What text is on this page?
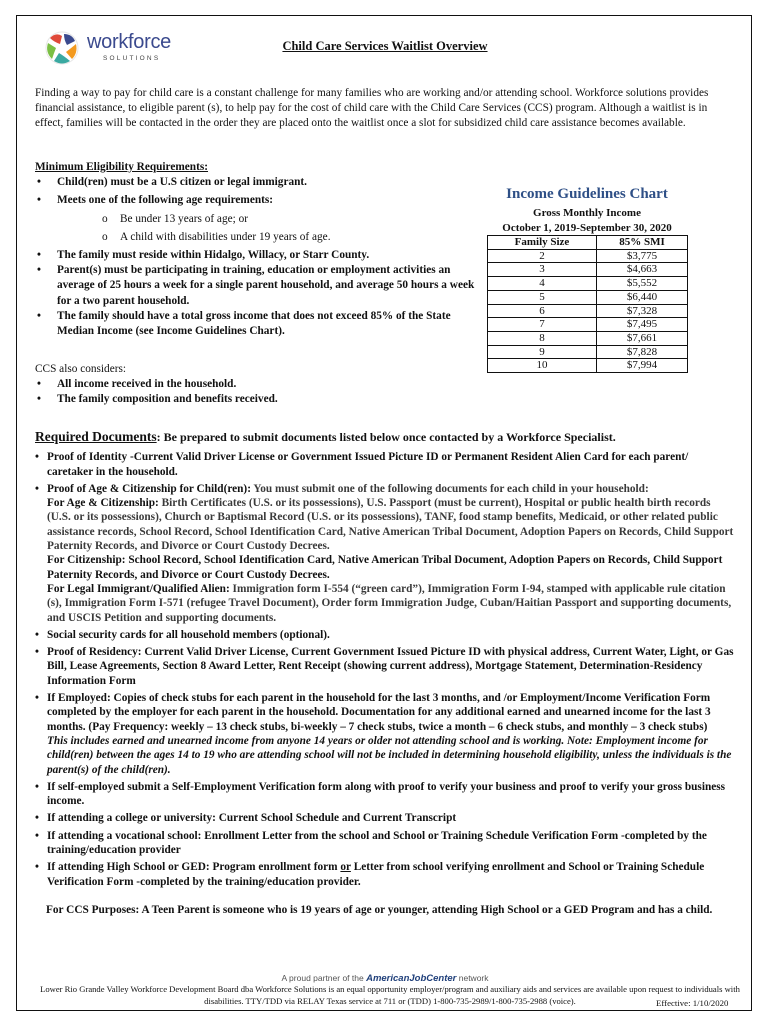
workforce
SOLUTIONS
Child Care Services Waitlist Overview
Finding a way to pay for child care is a constant challenge for many families who are working and/or attending school. Workforce solutions provides financial assistance, to eligible parent (s), to help pay for the cost of child care with the Child Care Services (CCS) program. Although a waitlist is in effect, families will be contacted in the order they are placed onto the waitlist once a slot for subsidized child care assistance becomes available.
Minimum Eligibility Requirements:
• Child(ren) must be a U.S citizen or legal immigrant.
• Meets one of the following age requirements:
o Be under 13 years of age; or
o A child with disabilities under 19 years of age.
• The family must reside within Hidalgo, Willacy, or Starr County.
• Parent(s) must be participating in training, education or employment activities an average of 25 hours a week for a single parent household, and average 50 hours a week for a two parent household.
• The family should have a total gross income that does not exceed 85% of the State Median Income (see Income Guidelines Chart).
CCS also considers:
• All income received in the household.
• The family composition and benefits received.
Income Guidelines Chart
Gross Monthly Income
October 1, 2019-September 30, 2020
Family Size	85% SMI
2	$3,775
3	$4,663
4	$5,552
5	$6,440
6	$7,328
7	$7,495
8	$7,661
9	$7,828
10	$7,994
Required Documents: Be prepared to submit documents listed below once contacted by a Workforce Specialist.
• Proof of Identity -Current Valid Driver License or Government Issued Picture ID or Permanent Resident Alien Card for each parent/ caretaker in the household.
• Proof of Age & Citizenship for Child(ren): You must submit one of the following documents for each child in your household:
For Age & Citizenship: Birth Certificates (U.S. or its possessions), U.S. Passport (must be current), Hospital or public health birth records (U.S. or its possessions), Church or Baptismal Record (U.S. or its possessions), TANF, food stamp benefits, Medicaid, or other related public assistance records, School Record, School Identification Card, Native American Tribal Document, Adoption Papers on Records, Child Support Paternity Records, and Divorce or Court Custody Decrees.
For Citizenship: School Record, School Identification Card, Native American Tribal Document, Adoption Papers on Records, Child Support Paternity Records, and Divorce or Court Custody Decrees.
For Legal Immigrant/Qualified Alien: Immigration form I-554 (“green card”), Immigration Form I-94, stamped with applicable rule citation (s), Immigration Form I-571 (refugee Travel Document), Order form Immigration Judge, Cuban/Haitian Passport and supporting documents, and USCIS Petition and supporting documents.
• Social security cards for all household members (optional).
• Proof of Residency: Current Valid Driver License, Current Government Issued Picture ID with physical address, Current Water, Light, or Gas Bill, Lease Agreements, Section 8 Award Letter, Rent Receipt (showing current address), Mortgage Statement, Determination-Residency Information Form
• If Employed: Copies of check stubs for each parent in the household for the last 3 months, and /or Employment/Income Verification Form completed by the employer for each parent in the household. Documentation for any additional earned and unearned income for the last 3 months. (Pay Frequency: weekly – 13 check stubs, bi-weekly – 7 check stubs, twice a month – 6 check stubs, and monthly – 3 check stubs)
This includes earned and unearned income from anyone 14 years or older not attending school and is working. Note: Employment income for child(ren) between the ages 14 to 19 who are attending school will not be included in determining household eligibility, unless the individuals is the parent(s) of the child(ren).
• If self-employed submit a Self-Employment Verification form along with proof to verify your business and proof to verify your gross business income.
• If attending a college or university: Current School Schedule and Current Transcript
• If attending a vocational school: Enrollment Letter from the school and School or Training Schedule Verification Form -completed by the training/education provider
• If attending High School or GED: Program enrollment form or Letter from school verifying enrollment and School or Training Schedule Verification Form -completed by the training/education provider.
For CCS Purposes: A Teen Parent is someone who is 19 years of age or younger, attending High School or a GED Program and has a child.
A proud partner of the AmericanJobCenter network
Lower Rio Grande Valley Workforce Development Board dba Workforce Solutions is an equal opportunity employer/program and auxiliary aids and services are available upon request to individuals with disabilities. TTY/TDD via RELAY Texas service at 711 or (TDD) 1-800-735-2989/1-800-735-2988 (voice).	Effective: 1/10/2020
